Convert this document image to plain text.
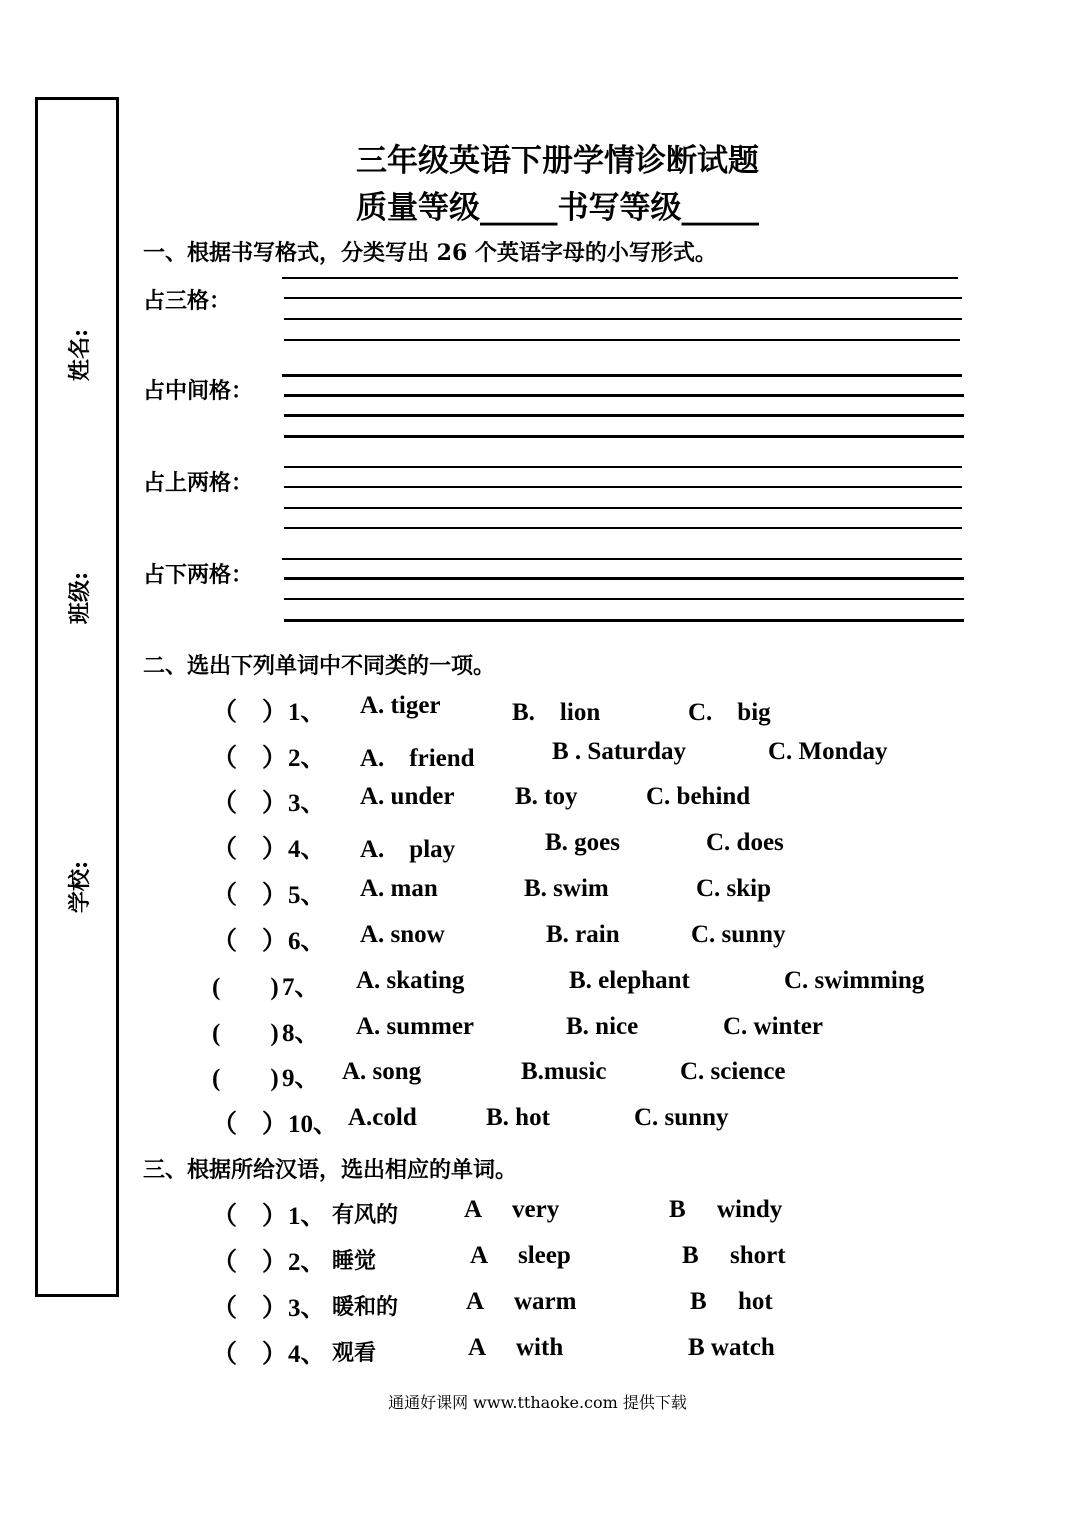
姓名:
班级:
学校:
三年级英语下册学情诊断试题
质量等级_____书写等级_____
一、根据书写格式，分类写出 26 个英语字母的小写形式。
占三格：
占中间格：
占上两格：
占下两格：
二、选出下列单词中不同类的一项。
（　） 1、 A. tiger	B.　lion	C.　big
（　） 2、 A.　friend	B . Saturday	C. Monday
（　） 3、 A. under B. toy	C. behind
（　） 4、 A.　play	B. goes	C. does
（　） 5、 A. man	B. swim	C. skip
（　） 6、 A. snow	B. rain	C. sunny
(　　) 7、 A. skating	B. elephant	C. swimming
(　　) 8、 A. summer	B. nice	C. winter
(　　) 9、 A. song	B.music	C. science
（　） 10、 A.cold	B. hot	C. sunny
三、根据所给汉语，选出相应的单词。
（　） 1、 有风的	A very	B windy
（　） 2、 睡觉	A sleep	B short
（　） 3、 暖和的	A warm	B hot
（　） 4、 观看	A with	B watch
通通好课网 www.tthaoke.com 提供下载
